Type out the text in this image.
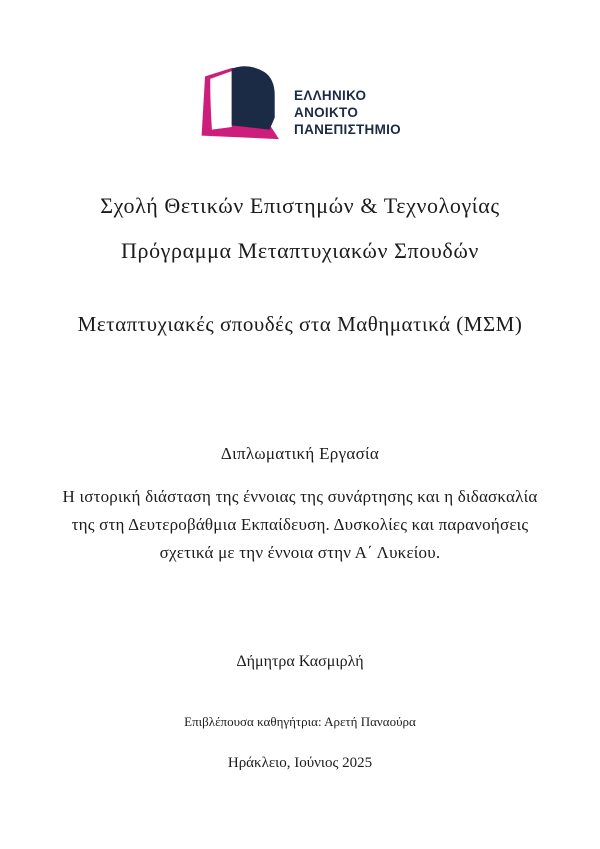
ΕΛΛΗΝΙΚΟ
ΑΝΟΙΚΤΟ
ΠΑΝΕΠΙΣΤΗΜΙΟ
Σχολή Θετικών Επιστημών & Τεχνολογίας
Πρόγραμμα Μεταπτυχιακών Σπουδών
Μεταπτυχιακές σπουδές στα Μαθηματικά (ΜΣΜ)
Διπλωματική Εργασία
Η ιστορική διάσταση της έννοιας της συνάρτησης και η διδασκαλία
της στη Δευτεροβάθμια Εκπαίδευση. Δυσκολίες και παρανοήσεις
σχετικά με την έννοια στην Α΄ Λυκείου.
Δήμητρα Κασμιρλή
Επιβλέπουσα καθηγήτρια: Αρετή Παναούρα
Ηράκλειο, Ιούνιος 2025
